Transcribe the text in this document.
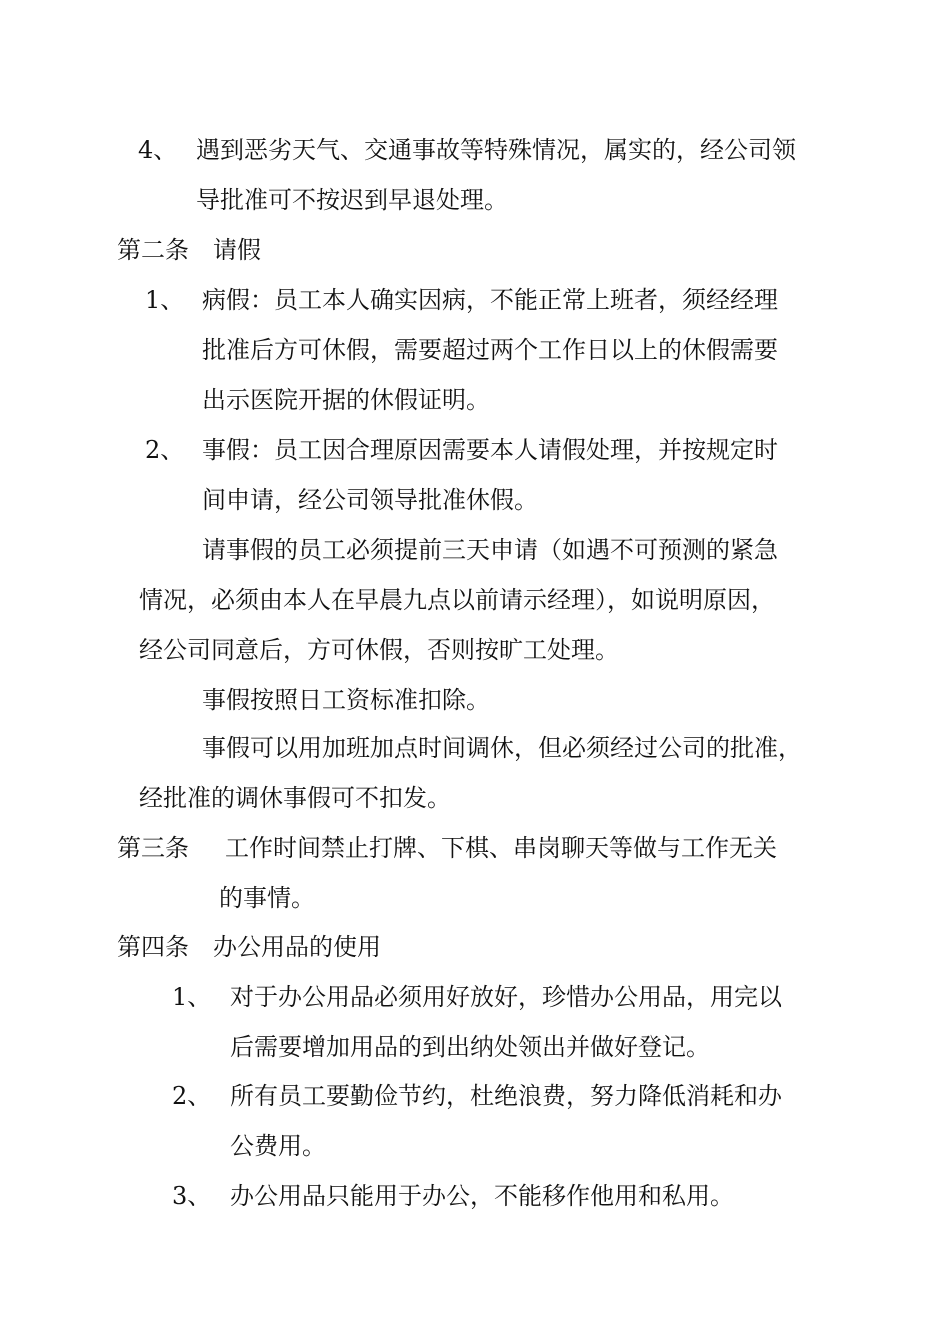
4、 遇到恶劣天气、交通事故等特殊情况，属实的，经公司领
导批准可不按迟到早退处理。
第二条　请假
1、 病假：员工本人确实因病，不能正常上班者，须经经理
批准后方可休假，需要超过两个工作日以上的休假需要
出示医院开据的休假证明。
2、 事假：员工因合理原因需要本人请假处理，并按规定时
间申请，经公司领导批准休假。
请事假的员工必须提前三天申请（如遇不可预测的紧急
情况，必须由本人在早晨九点以前请示经理），如说明原因，
经公司同意后，方可休假，否则按旷工处理。
事假按照日工资标准扣除。
事假可以用加班加点时间调休，但必须经过公司的批准，
经批准的调休事假可不扣发。
第三条 工作时间禁止打牌、下棋、串岗聊天等做与工作无关
的事情。
第四条　办公用品的使用
1、 对于办公用品必须用好放好，珍惜办公用品，用完以
后需要增加用品的到出纳处领出并做好登记。
2、 所有员工要勤俭节约，杜绝浪费，努力降低消耗和办
公费用。
3、 办公用品只能用于办公，不能移作他用和私用。
